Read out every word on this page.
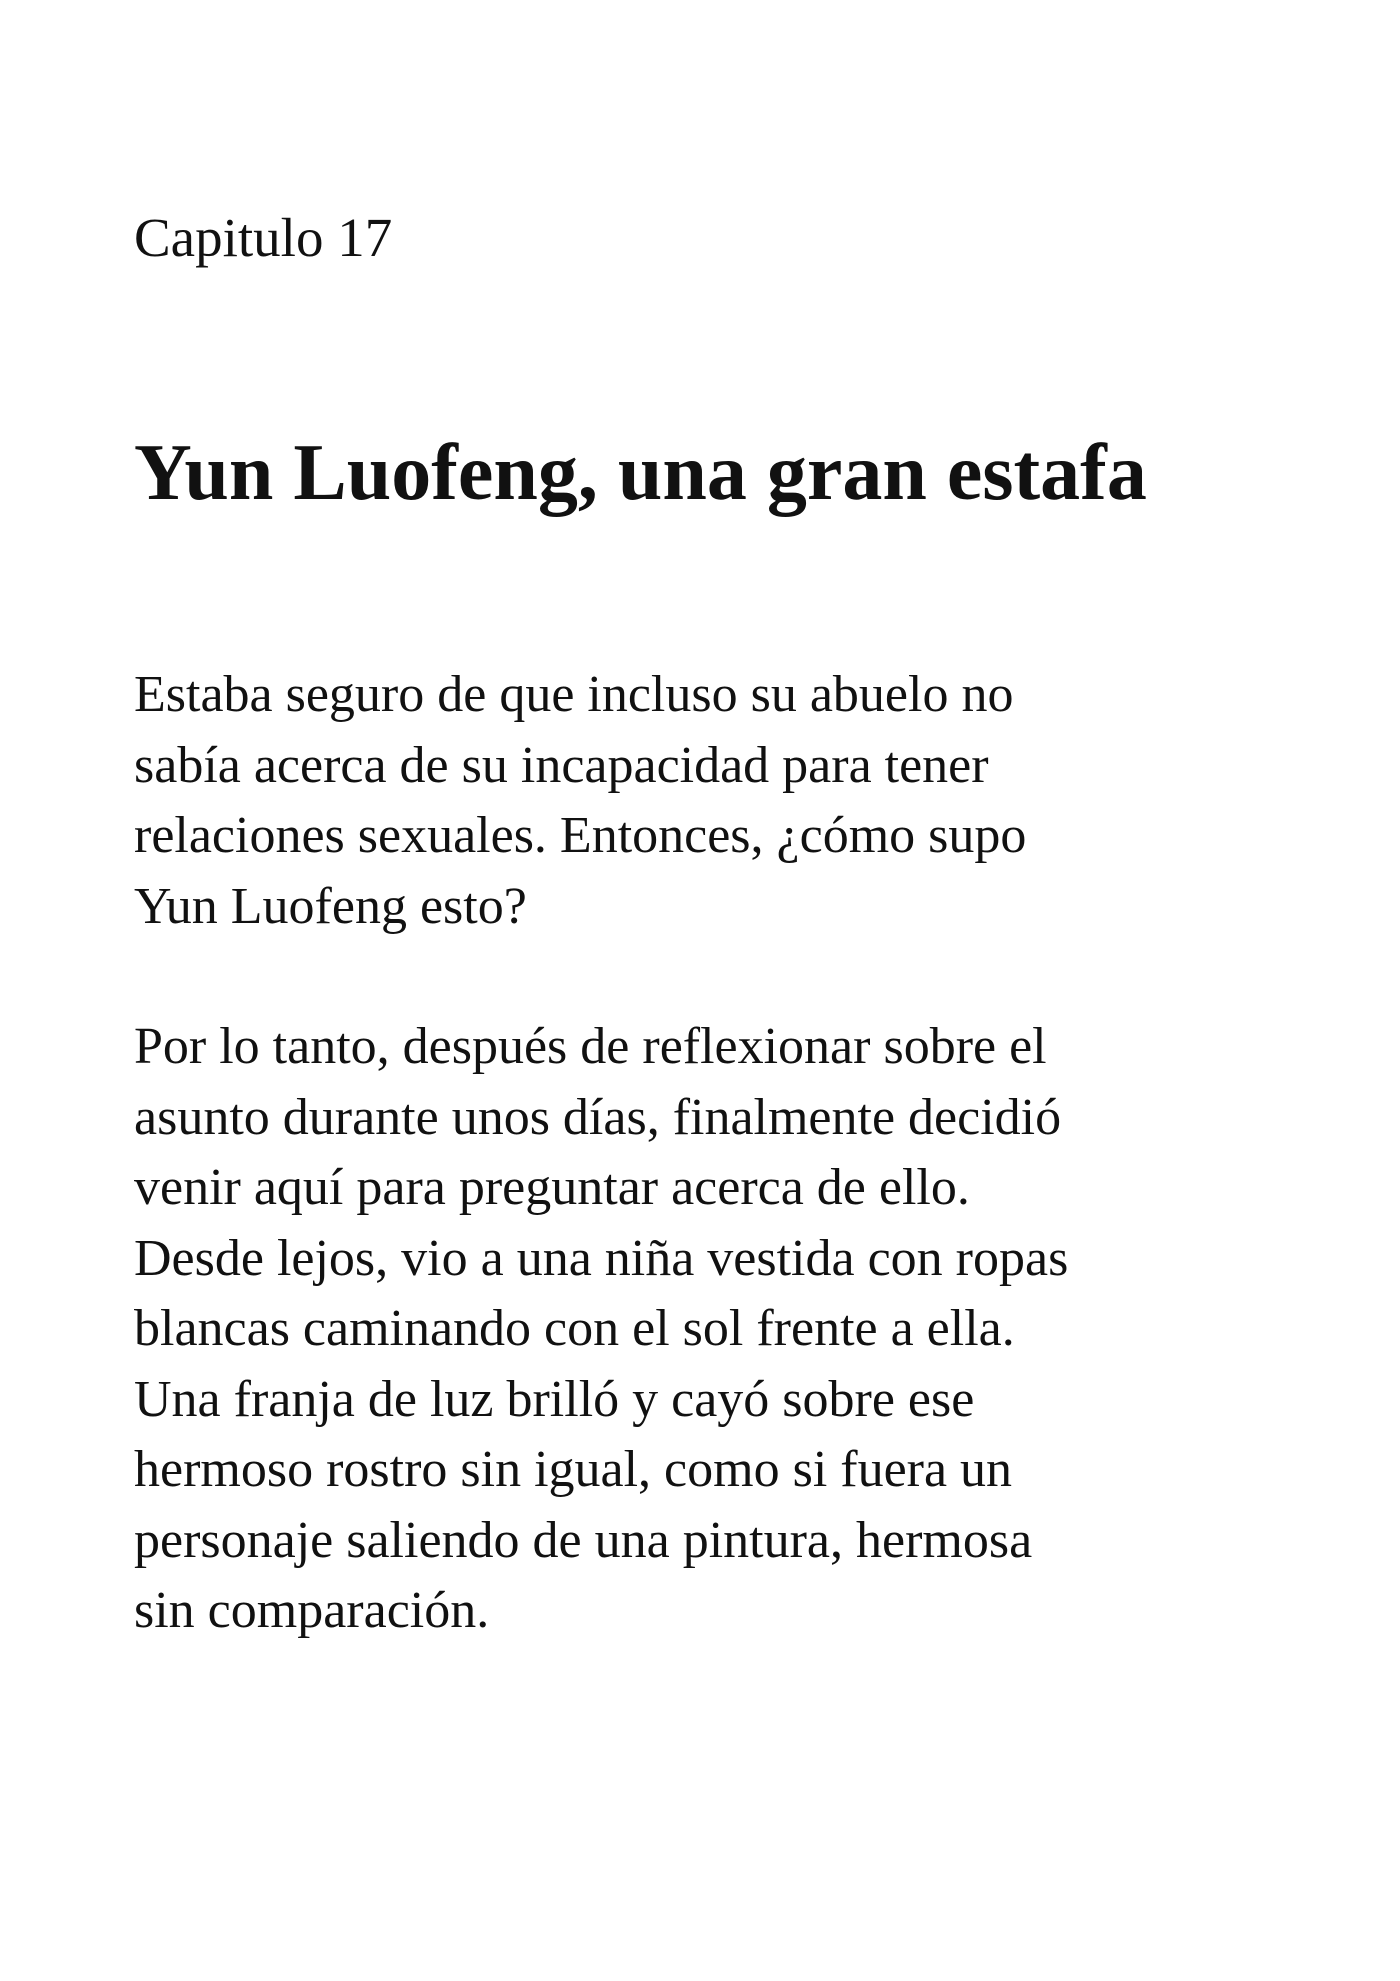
Capitulo 17
Yun Luofeng, una gran estafa

Estaba seguro de que incluso su abuelo no
sabía acerca de su incapacidad para tener
relaciones sexuales. Entonces, ¿cómo supo
Yun Luofeng esto?

Por lo tanto, después de reflexionar sobre el
asunto durante unos días, finalmente decidió
venir aquí para preguntar acerca de ello.
Desde lejos, vio a una niña vestida con ropas
blancas caminando con el sol frente a ella.
Una franja de luz brilló y cayó sobre ese
hermoso rostro sin igual, como si fuera un
personaje saliendo de una pintura, hermosa
sin comparación.
